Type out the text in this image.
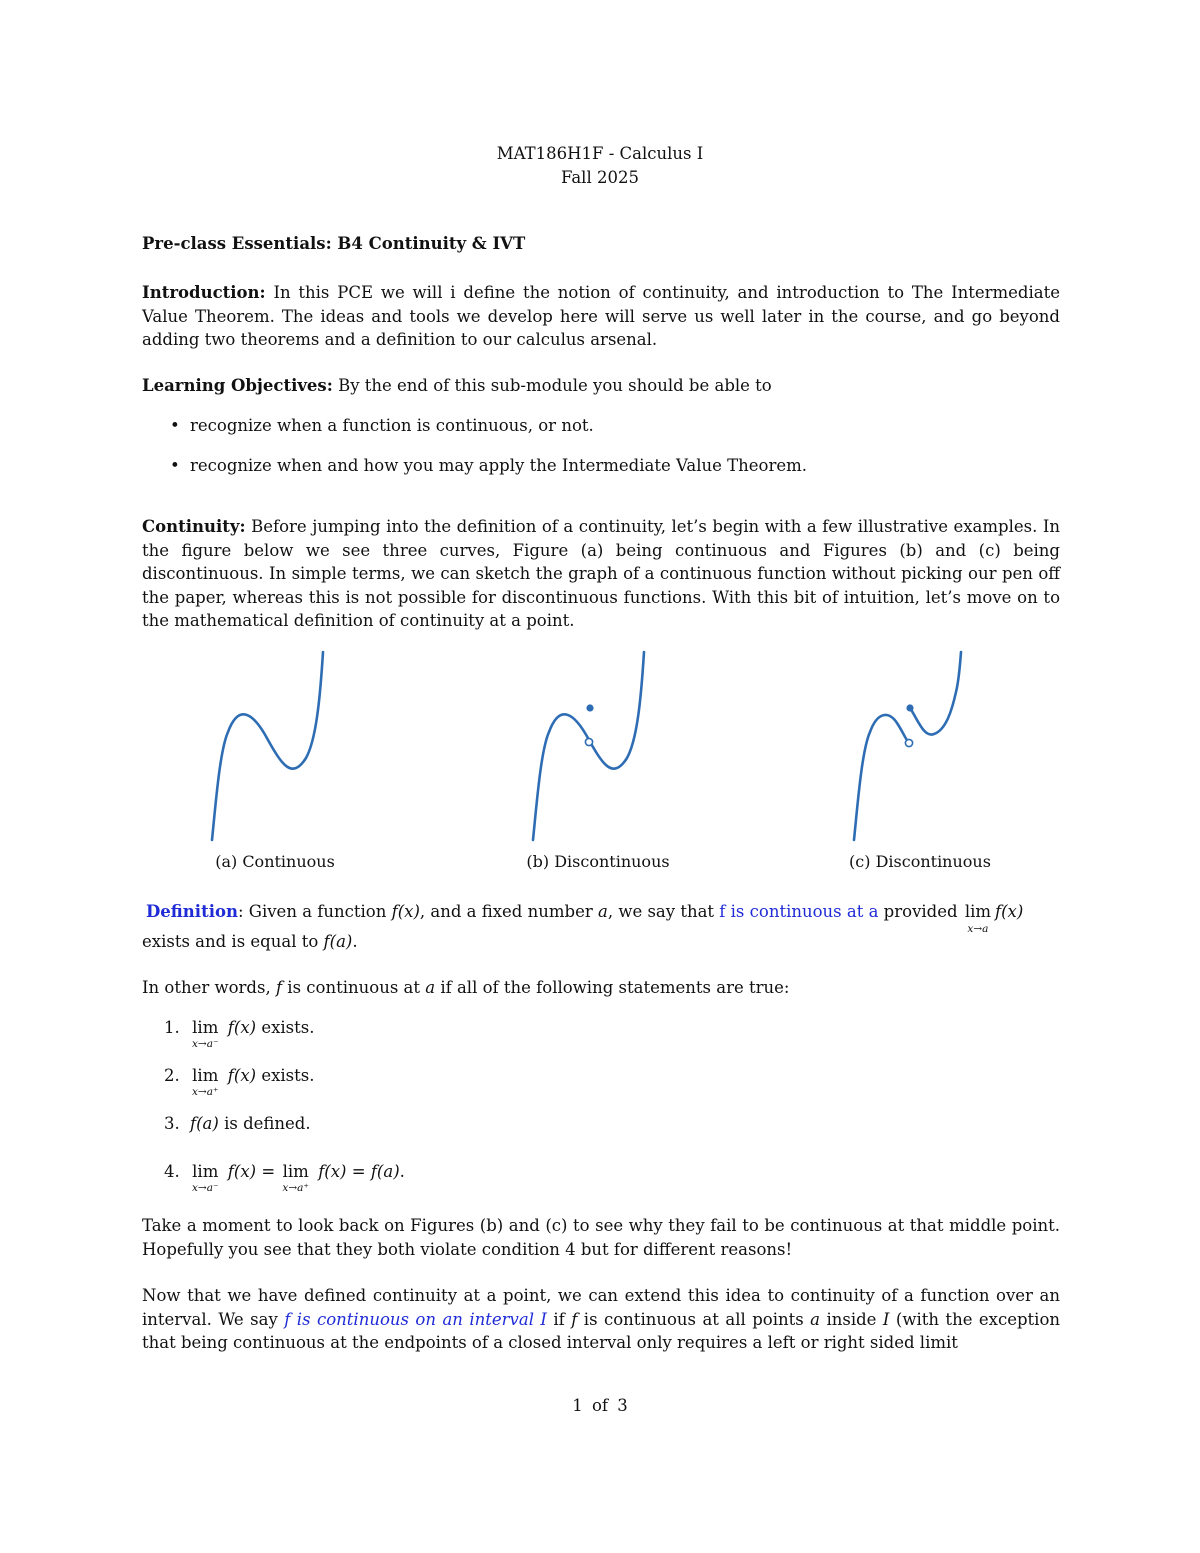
MAT186H1F - Calculus I
Fall 2025
Pre-class Essentials: B4 Continuity & IVT
Introduction: In this PCE we will i define the notion of continuity, and introduction to The Intermediate Value Theorem. The ideas and tools we develop here will serve us well later in the course, and go beyond adding two theorems and a definition to our calculus arsenal.
Learning Objectives: By the end of this sub-module you should be able to
• recognize when a function is continuous, or not.
• recognize when and how you may apply the Intermediate Value Theorem.
Continuity: Before jumping into the definition of a continuity, let’s begin with a few illustrative examples. In the figure below we see three curves, Figure (a) being continuous and Figures (b) and (c) being discontinuous. In simple terms, we can sketch the graph of a continuous function without picking our pen off the paper, whereas this is not possible for discontinuous functions. With this bit of intuition, let’s move on to the mathematical definition of continuity at a point.
(a) Continuous	(b) Discontinuous	(c) Discontinuous
Definition: Given a function f(x), and a fixed number a, we say that f is continuous at a provided lim
x→a
f(x)
exists and is equal to f(a).
In other words, f is continuous at a if all of the following statements are true:
1. lim
x→a⁻
f(x) exists.
2. lim
x→a⁺
f(x) exists.
3. f(a) is defined.
4. lim
x→a⁻
f(x) = lim
x→a⁺
f(x) = f(a).
Take a moment to look back on Figures (b) and (c) to see why they fail to be continuous at that middle point. Hopefully you see that they both violate condition 4 but for different reasons!
Now that we have defined continuity at a point, we can extend this idea to continuity of a function over an interval. We say f is continuous on an interval I if f is continuous at all points a inside I (with the exception that being continuous at the endpoints of a closed interval only requires a left or right sided limit
1 of 3
